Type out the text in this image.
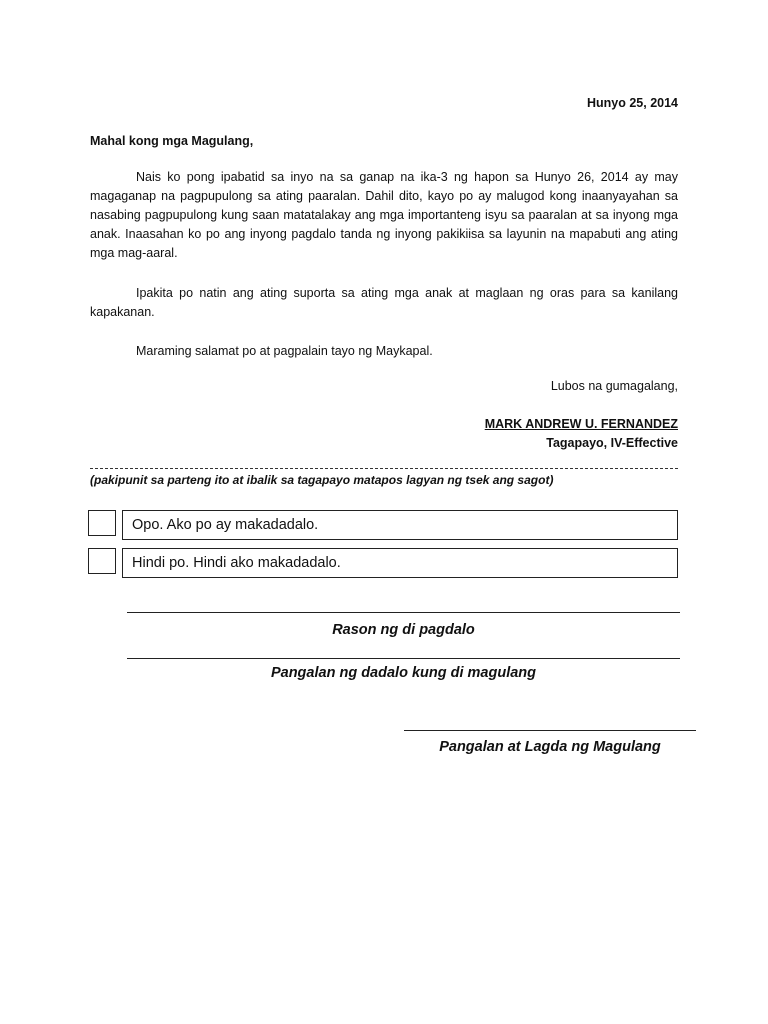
Hunyo 25, 2014
Mahal kong mga Magulang,

Nais ko pong ipabatid sa inyo na sa ganap na ika-3 ng hapon sa Hunyo 26, 2014 ay may magaganap na pagpupulong sa ating paaralan. Dahil dito, kayo po ay malugod kong inaanyayahan sa nasabing pagpupulong kung saan matatalakay ang mga importanteng isyu sa paaralan at sa inyong mga anak. Inaasahan ko po ang inyong pagdalo tanda ng inyong pakikiisa sa layunin na mapabuti ang ating mga mag-aaral.

Ipakita po natin ang ating suporta sa ating mga anak at maglaan ng oras para sa kanilang kapakanan.

Maraming salamat po at pagpalain tayo ng Maykapal.

Lubos na gumagalang,
MARK ANDREW U. FERNANDEZ
Tagapayo, IV-Effective
(pakipunit sa parteng ito at ibalik sa tagapayo matapos lagyan ng tsek ang sagot)
Opo. Ako po ay makadadalo.
Hindi po. Hindi ako makadadalo.
Rason ng di pagdalo
Pangalan ng dadalo kung di magulang
Pangalan at Lagda ng Magulang
